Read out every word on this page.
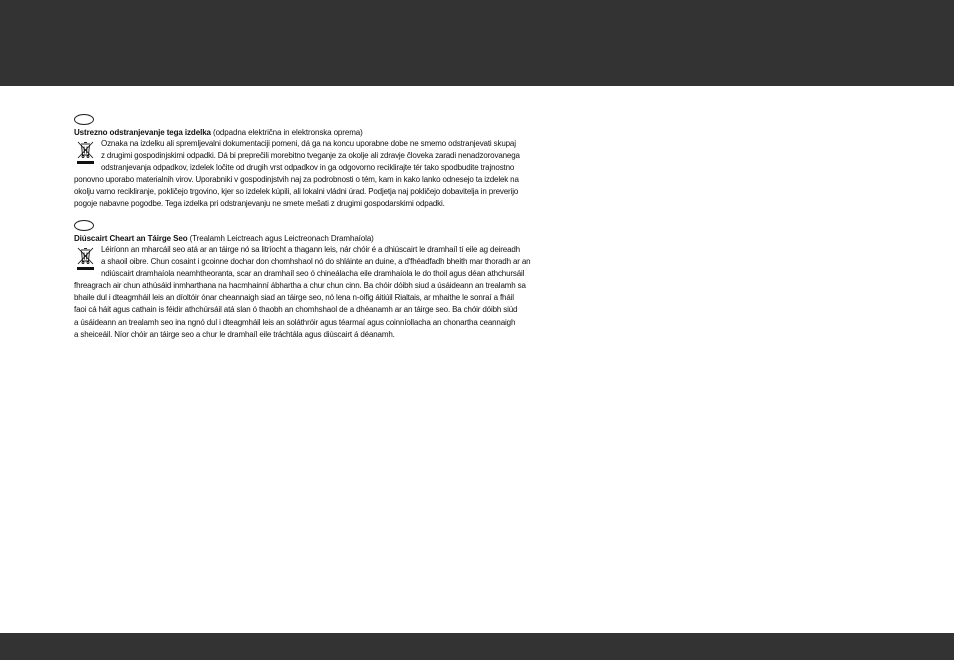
Ustrezno odstranjevanje tega izdelka (odpadna električna in elektronska oprema)
Oznaka na izdelku ali spremljevalni dokumentaciji pomeni, dá ga na koncu uporabne dobe ne smemo odstranjevati skupaj
z drugimi gospodinjskimi odpadki. Dá bi preprečili morebitno tveganje za okolje ali zdravje človeka zaradi nenadzorovanega
odstranjevanja odpadkov, izdelek ločite od drugih vrst odpadkov in ga odgovorno reciklirajte tér tako spodbudite trajnostno
ponovno uporabo materialnih virov. Uporabniki v gospodinjstvih naj za podrobnosti o tém, kam in kako lanko odnesejo ta izdelek na
okolju varno recikliranje, pokličejo trgovino, kjer so izdelek kúpili, ali lokalni vládni úrad. Podjetja naj pokličejo dobavitelja in preverijo
pogoje nabavne pogodbe. Tega izdelka pri odstranjevanju ne smete mešati z drugimi gospodarskimi odpadki.
Diúscairt Cheart an Táirge Seo (Trealamh Leictreach agus Leictreonach Dramhaíola)
Léiríonn an mharcáil seo atá ar an táirge nó sa litríocht a thagann leis, nár chóir é a dhiúscairt le dramhaíl tí eile ag deireadh
a shaoil oibre. Chun cosaint i gcoinne dochar don chomhshaol nó do shláinte an duine, a d'fhéadfadh bheith mar thoradh ar an
ndiúscairt dramhaíola neamhtheoranta, scar an dramhaíl seo ó chineálacha eile dramhaíola le do thoil agus déan athchursáil
fhreagrach air chun athúsáid inmharthana na hacmhainní ábhartha a chur chun cinn. Ba chóir dóibh siud a úsáideann an trealamh sa
bhaile dul i dteagmháil leis an díoltóir ónar cheannaigh siad an táirge seo, nó lena n-oifig áitiúil Rialtais, ar mhaithe le sonraí a fháil
faoi cá háit agus cathain is féidir athchúrsáil atá slan ó thaobh an chomhshaol de a dhéanamh ar an táirge seo. Ba chóir dóibh siúd
a úsáideann an trealamh seo ina ngnó dul i dteagmháil leis an soláthróir agus téarmaí agus coinníollacha an chonartha ceannaigh
a sheiceáil. Níor chóir an táirge seo a chur le dramhaíl eile tráchtála agus diúscairt á déanamh.
